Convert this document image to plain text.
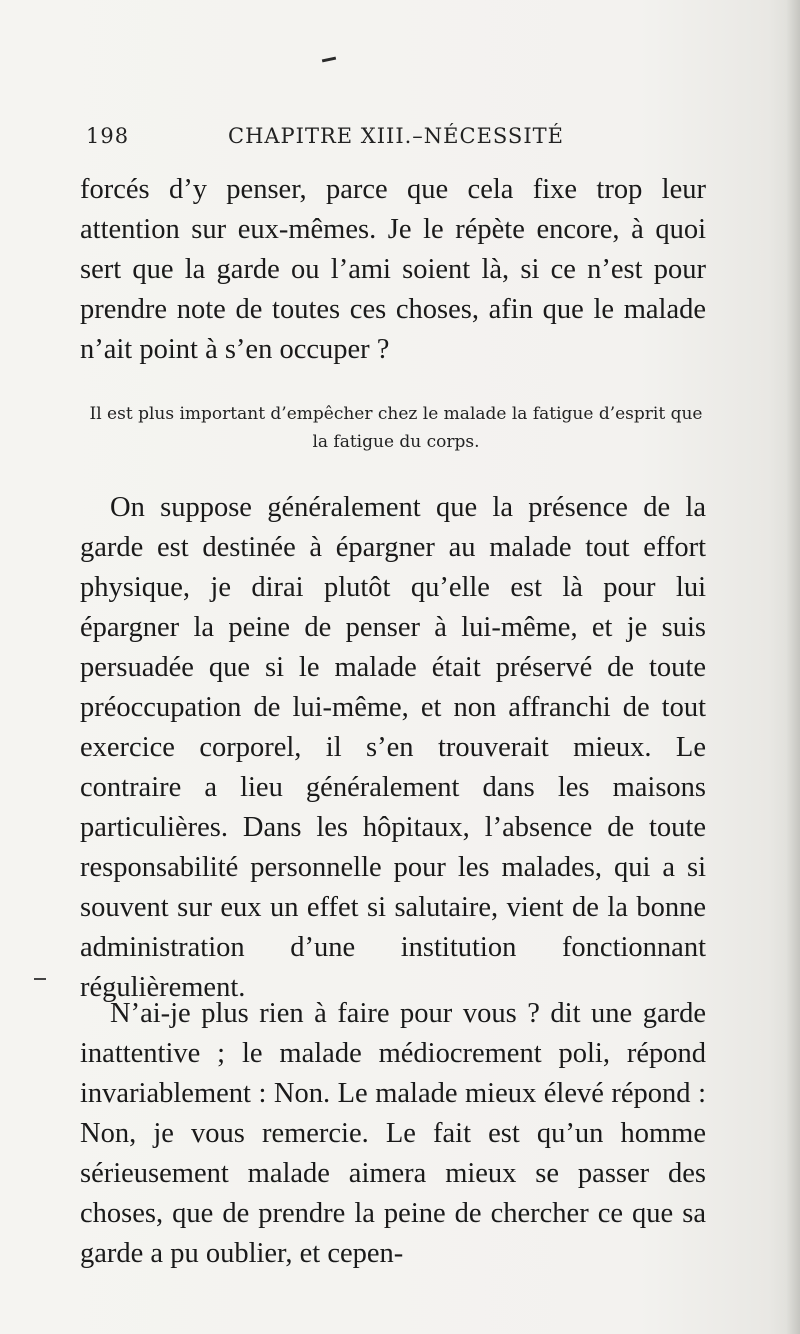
198	CHAPITRE XIII.–NÉCESSITÉ

forcés d’y penser, parce que cela fixe trop leur attention sur eux-mêmes. Je le répète encore, à quoi sert que la garde ou l’ami soient là, si ce n’est pour prendre note de toutes ces choses, afin que le malade n’ait point à s’en occuper ?

Il est plus important d’empêcher chez le malade la fatigue d’esprit que la fatigue du corps.

On suppose généralement que la présence de la garde est destinée à épargner au malade tout effort physique, je dirai plutôt qu’elle est là pour lui épargner la peine de penser à lui-même, et je suis persuadée que si le malade était préservé de toute préoccupation de lui-même, et non affranchi de tout exercice corporel, il s’en trouverait mieux. Le contraire a lieu généralement dans les maisons particulières. Dans les hôpitaux, l’absence de toute responsabilité personnelle pour les malades, qui a si souvent sur eux un effet si salutaire, vient de la bonne administration d’une institution fonctionnant régulièrement.

N’ai-je plus rien à faire pour vous ? dit une garde inattentive ; le malade médiocrement poli, répond invariablement : Non. Le malade mieux élevé répond : Non, je vous remercie. Le fait est qu’un homme sérieusement malade aimera mieux se passer des choses, que de prendre la peine de chercher ce que sa garde a pu oublier, et cepen-
